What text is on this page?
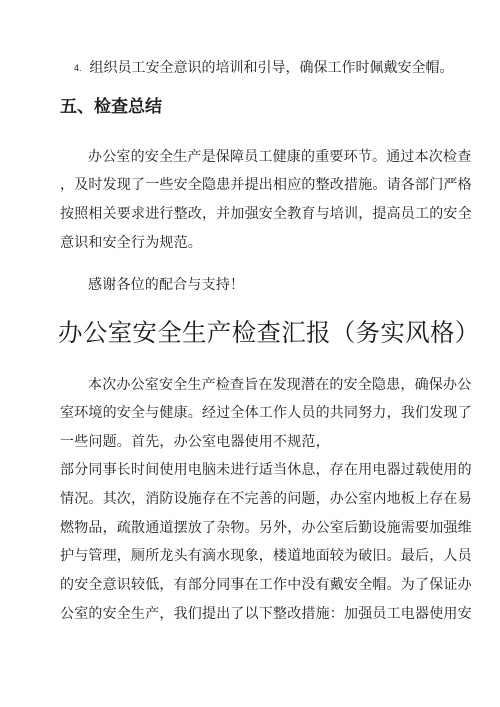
4. 组织员工安全意识的培训和引导，确保工作时佩戴安全帽。
五、检查总结
办公室的安全生产是保障员工健康的重要环节。通过本次检查
，及时发现了一些安全隐患并提出相应的整改措施。请各部门严格
按照相关要求进行整改，并加强安全教育与培训，提高员工的安全
意识和安全行为规范。
感谢各位的配合与支持！
办公室安全生产检查汇报（务实风格）
本次办公室安全生产检查旨在发现潜在的安全隐患，确保办公
室环境的安全与健康。经过全体工作人员的共同努力，我们发现了
一些问题。首先，办公室电器使用不规范，
部分同事长时间使用电脑未进行适当休息，存在用电器过载使用的
情况。其次，消防设施存在不完善的问题，办公室内地板上存在易
燃物品，疏散通道摆放了杂物。另外，办公室后勤设施需要加强维
护与管理，厕所龙头有滴水现象，楼道地面较为破旧。最后，人员
的安全意识较低，有部分同事在工作中没有戴安全帽。为了保证办
公室的安全生产，我们提出了以下整改措施：加强员工电器使用安
